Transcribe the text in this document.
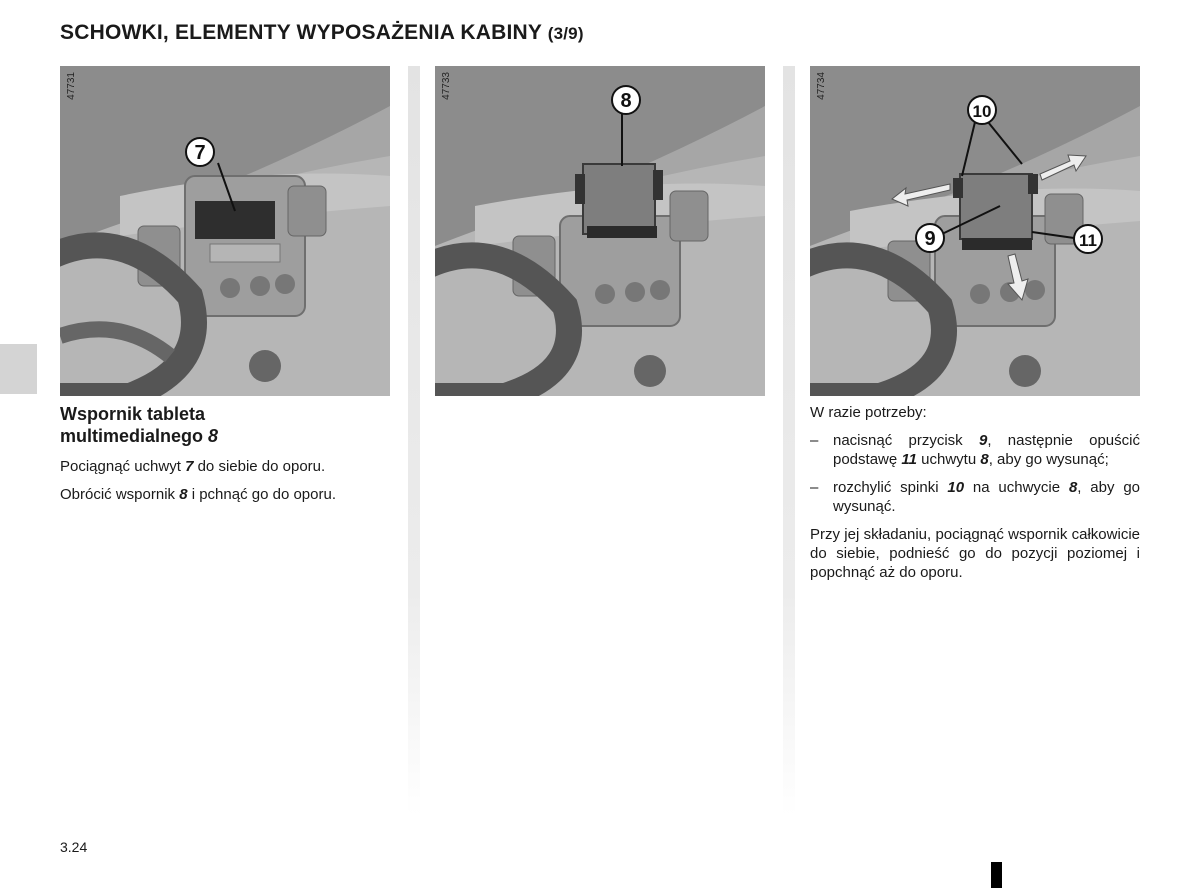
SCHOWKI, ELEMENTY WYPOSAŻENIA KABINY (3/9)
7
47731
8
47733
10
9	11
47734
Wspornik tableta
multimedialnego 8

Pociągnąć uchwyt 7 do siebie do oporu.

Obrócić wspornik 8 i pchnąć go do oporu.

W razie potrzeby:

– nacisnąć przycisk 9, następnie opuścić podstawę 11 uchwytu 8, aby go wysunąć;
– rozchylić spinki 10 na uchwycie 8, aby go wysunąć.

Przy jej składaniu, pociągnąć wspornik całkowicie do siebie, podnieść go do pozycji poziomej i popchnąć aż do oporu.

3.24
